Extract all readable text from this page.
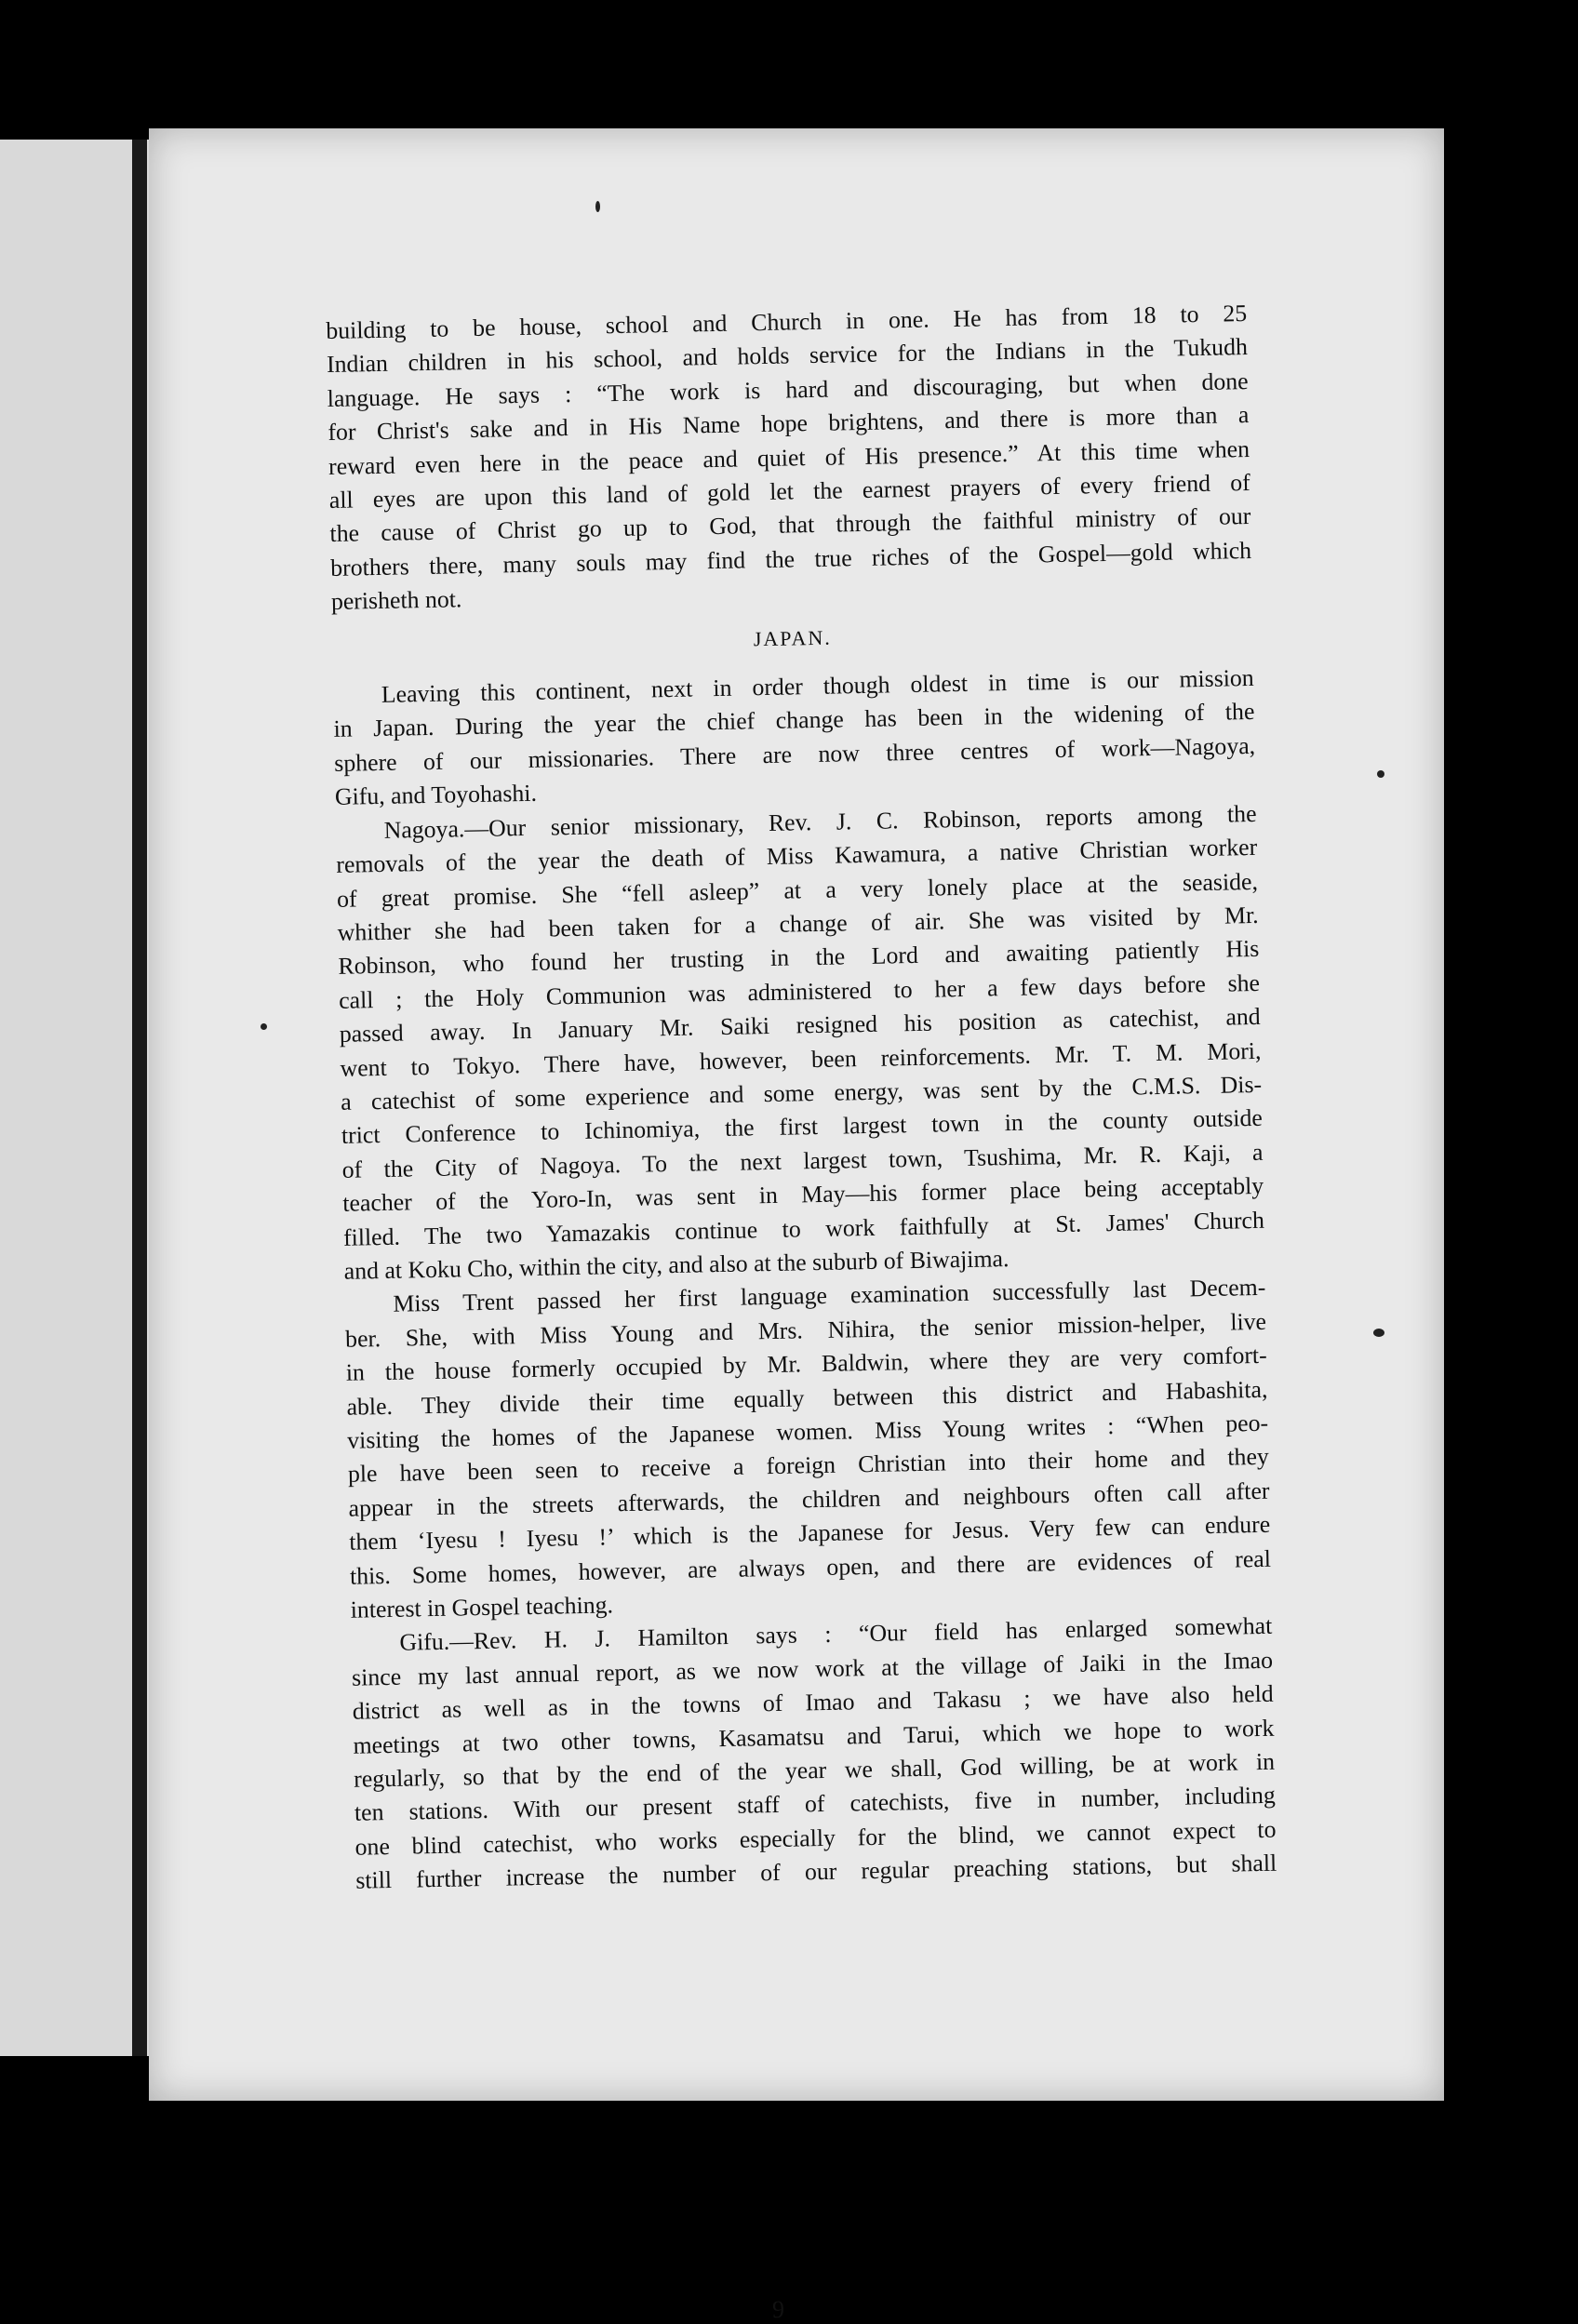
building to be house, school and Church in one. He has from 18 to 25
Indian children in his school, and holds service for the Indians in the Tukudh
language. He says : “The work is hard and discouraging, but when done
for Christ's sake and in His Name hope brightens, and there is more than a
reward even here in the peace and quiet of His presence.” At this time when
all eyes are upon this land of gold let the earnest prayers of every friend of
the cause of Christ go up to God, that through the faithful ministry of our
brothers there, many souls may find the true riches of the Gospel—gold which
perisheth not.
JAPAN.
Leaving this continent, next in order though oldest in time is our mission
in Japan. During the year the chief change has been in the widening of the
sphere of our missionaries. There are now three centres of work—Nagoya,
Gifu, and Toyohashi.
Nagoya.—Our senior missionary, Rev. J. C. Robinson, reports among the
removals of the year the death of Miss Kawamura, a native Christian worker
of great promise. She “fell asleep” at a very lonely place at the seaside,
whither she had been taken for a change of air. She was visited by Mr.
Robinson, who found her trusting in the Lord and awaiting patiently His
call ; the Holy Communion was administered to her a few days before she
passed away. In January Mr. Saiki resigned his position as catechist, and
went to Tokyo. There have, however, been reinforcements. Mr. T. M. Mori,
a catechist of some experience and some energy, was sent by the C.M.S. Dis-
trict Conference to Ichinomiya, the first largest town in the county outside
of the City of Nagoya. To the next largest town, Tsushima, Mr. R. Kaji, a
teacher of the Yoro-In, was sent in May—his former place being acceptably
filled. The two Yamazakis continue to work faithfully at St. James' Church
and at Koku Cho, within the city, and also at the suburb of Biwajima.
Miss Trent passed her first language examination successfully last Decem-
ber. She, with Miss Young and Mrs. Nihira, the senior mission-helper, live
in the house formerly occupied by Mr. Baldwin, where they are very comfort-
able. They divide their time equally between this district and Habashita,
visiting the homes of the Japanese women. Miss Young writes : “When peo-
ple have been seen to receive a foreign Christian into their home and they
appear in the streets afterwards, the children and neighbours often call after
them ‘Iyesu ! Iyesu !’ which is the Japanese for Jesus. Very few can endure
this. Some homes, however, are always open, and there are evidences of real
interest in Gospel teaching.
Gifu.—Rev. H. J. Hamilton says : “Our field has enlarged somewhat
since my last annual report, as we now work at the village of Jaiki in the Imao
district as well as in the towns of Imao and Takasu ; we have also held
meetings at two other towns, Kasamatsu and Tarui, which we hope to work
regularly, so that by the end of the year we shall, God willing, be at work in
ten stations. With our present staff of catechists, five in number, including
one blind catechist, who works especially for the blind, we cannot expect to
still further increase the number of our regular preaching stations, but shall
9
